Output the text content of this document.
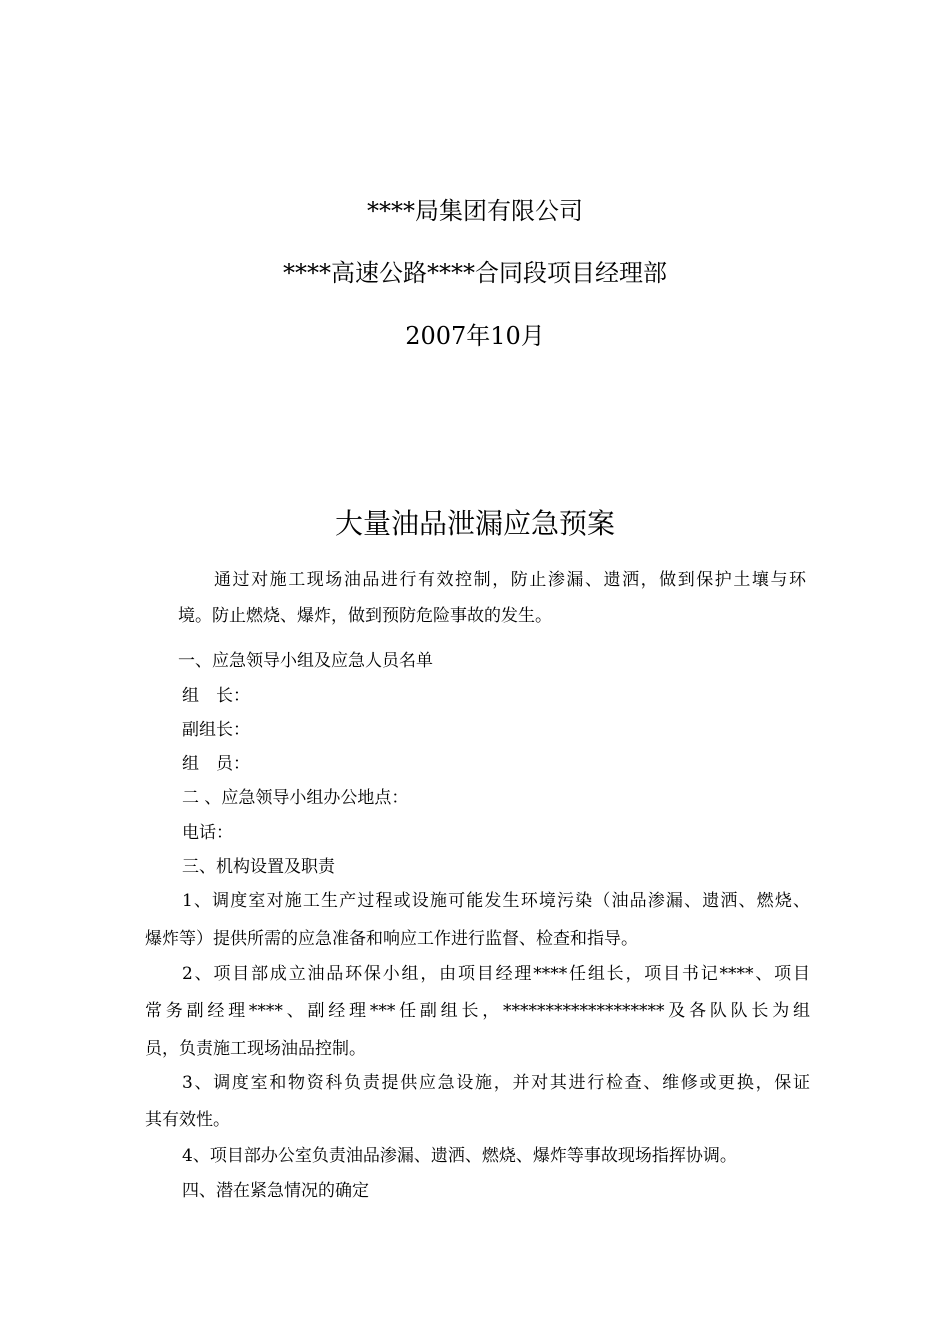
****局集团有限公司
****高速公路****合同段项目经理部
2007年10月
大量油品泄漏应急预案
通过对施工现场油品进行有效控制，防止渗漏、遗洒，做到保护土壤与环
境。防止燃烧、爆炸，做到预防危险事故的发生。
一、应急领导小组及应急人员名单
组　长：
副组长：
组　员：
二 、应急领导小组办公地点：
电话：
三、机构设置及职责
1、调度室对施工生产过程或设施可能发生环境污染（油品渗漏、遗洒、燃烧、
爆炸等）提供所需的应急准备和响应工作进行监督、检查和指导。
2、项目部成立油品环保小组，由项目经理****任组长，项目书记****、项目
常务副经理****、副经理***任副组长，*******************及各队队长为组
员，负责施工现场油品控制。
3、调度室和物资科负责提供应急设施，并对其进行检查、维修或更换，保证
其有效性。
4、项目部办公室负责油品渗漏、遗洒、燃烧、爆炸等事故现场指挥协调。
四、潜在紧急情况的确定
